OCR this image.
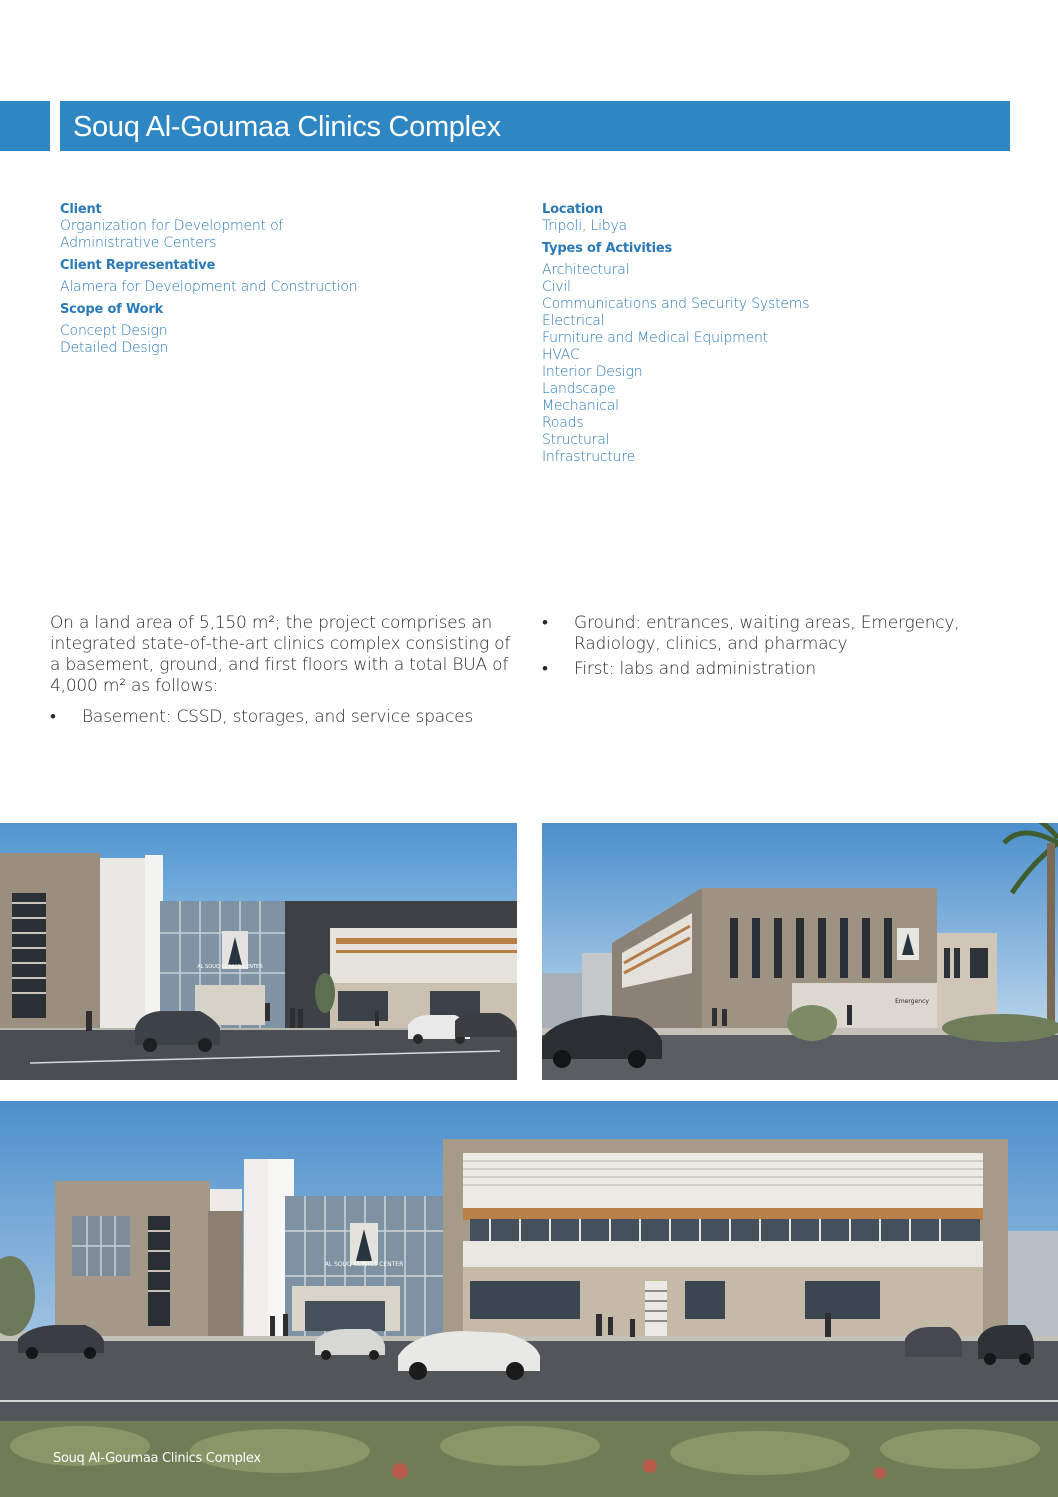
Souq Al-Goumaa Clinics Complex
Client
Organization for Development of
Administrative Centers
Client Representative
Alamera for Development and Construction
Scope of Work
Concept Design
Detailed Design
Location
Tripoli, Libya
Types of Activities
Architectural
Civil
Communications and Security Systems
Electrical
Furniture and Medical Equipment
HVAC
Interior Design
Landscape
Mechanical
Roads
Structural
Infrastructure
On a land area of 5,150 m²; the project comprises an
integrated state-of-the-art clinics complex consisting of
a basement, ground, and first floors with a total BUA of
4,000 m² as follows:
• Basement: CSSD, storages, and service spaces
• Ground: entrances, waiting areas, Emergency,
Radiology, clinics, and pharmacy
• First: labs and administration
AL SOUQ CLINICS CENTER
Emergency
AL SOUQ CLINICS CENTER
Souq Al-Goumaa Clinics Complex
